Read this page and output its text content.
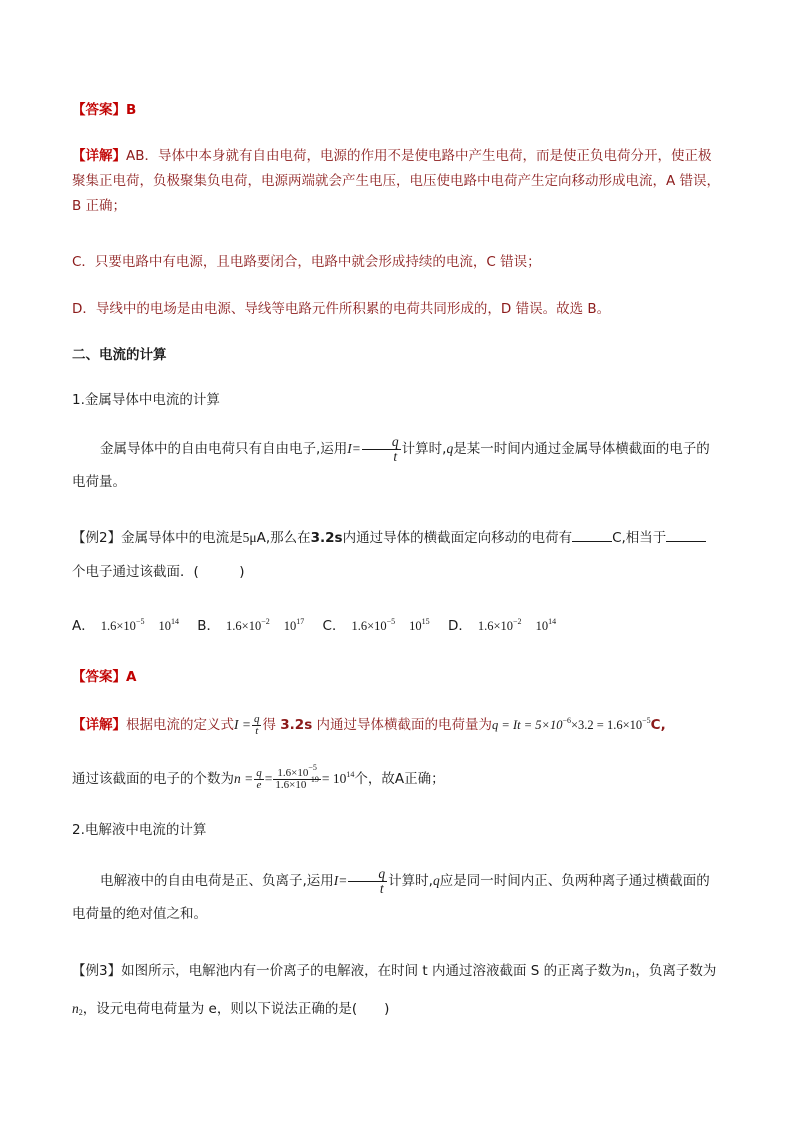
【答案】B
【详解】AB．导体中本身就有自由电荷，电源的作用不是使电路中产生电荷，而是使正负电荷分开，使正极聚集正电荷，负极聚集负电荷，电源两端就会产生电压，电压使电路中电荷产生定向移动形成电流，A 错误，B 正确；
C．只要电路中有电源，且电路要闭合，电路中就会形成持续的电流，C 错误；
D．导线中的电场是由电源、导线等电路元件所积累的电荷共同形成的，D 错误。故选 B。
二、电流的计算
1.金属导体中电流的计算
金属导体中的自由电荷只有自由电子,运用$I= \frac{q}{t}$ 计算时,q是某一时间内通过金属导体横截面的电子的电荷量。
【例2】金属导体中的电流是5μA,那么在3.2s内通过导体的横截面定向移动的电荷有	C,相当于
个电子通过该截面．(　　　)
A． $1.6\times 10^{-5}$ $10^{14}$ B． $1.6\times 10^{-2}$ $10^{17}$ C． $1.6\times 10^{-5}$ $10^{15}$ D． $1.6\times 10^{-2}$ $10^{14}$
【答案】A
【详解】根据电流的定义式$I = \frac{q}{t}$ 得 3.2s 内通过导体横截面的电荷量为$q = It = 5\times 10^{-6}\times 3.2 = 1.6\times 10^{-5}C$,
通过该截面的电子的个数为$n = \frac{q}{e} = \frac{1.6\times 10^{-5}}{1.6\times 10^{-19}} = 10^{14}$个，故A正确；
2.电解液中电流的计算
电解液中的自由电荷是正、负离子,运用$I= \frac{q}{t}$ 计算时,q应是同一时间内正、负两种离子通过横截面的电荷量的绝对值之和。
【例3】如图所示，电解池内有一价离子的电解液，在时间 t 内通过溶液截面 S 的正离子数为$n_1$，负离子数为$n_2$，设元电荷电荷量为 e，则以下说法正确的是(　　)
